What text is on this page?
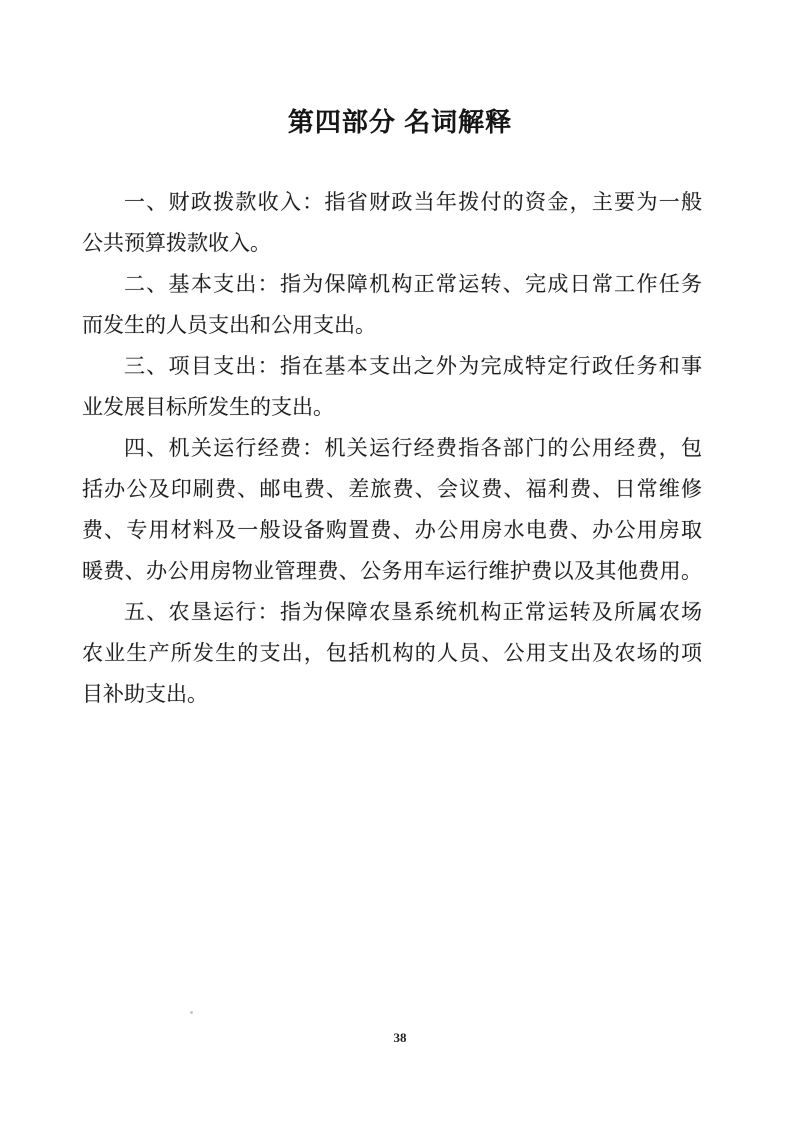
第四部分 名词解释
一、财政拨款收入：指省财政当年拨付的资金，主要为一般
公共预算拨款收入。
二、基本支出：指为保障机构正常运转、完成日常工作任务
而发生的人员支出和公用支出。
三、项目支出：指在基本支出之外为完成特定行政任务和事
业发展目标所发生的支出。
四、机关运行经费：机关运行经费指各部门的公用经费，包
括办公及印刷费、邮电费、差旅费、会议费、福利费、日常维修
费、专用材料及一般设备购置费、办公用房水电费、办公用房取
暖费、办公用房物业管理费、公务用车运行维护费以及其他费用。
五、农垦运行：指为保障农垦系统机构正常运转及所属农场
农业生产所发生的支出，包括机构的人员、公用支出及农场的项
目补助支出。
38
